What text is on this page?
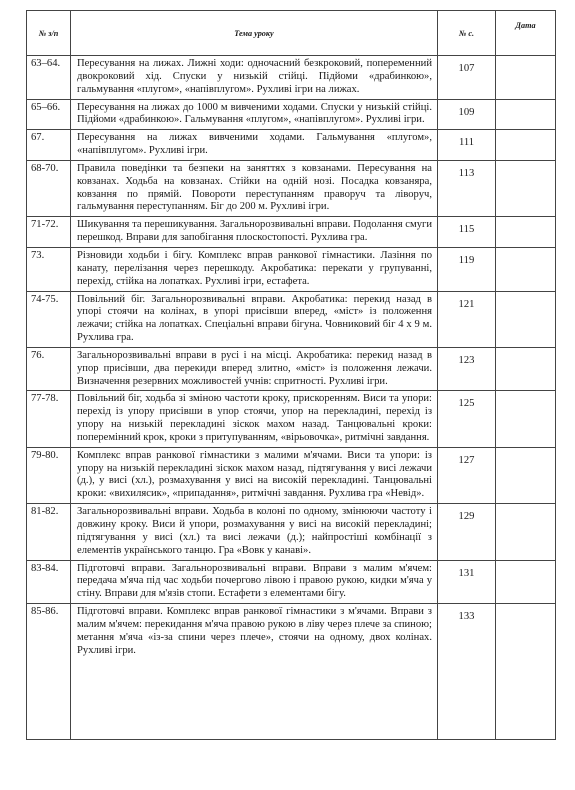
№ з/п	Тема уроку	№ с.	Дата
63–64.	Пересування на лижах. Лижні ходи: одночасний безкроковий, попеременний двокроковий хід. Спуски у низькій стійці. Підйоми «драбинкою», гальмування «плугом», «напівплугом». Рухливі ігри на лижах.	107	
65–66.	Пересування на лижах до 1000 м вивченими ходами. Спуски у низькій стійці. Підйоми «драбинкою». Гальмування «плугом», «напівплугом». Рухливі ігри.	109	
67.	Пересування на лижах вивченими ходами. Гальмування «плугом», «напівплугом». Рухливі ігри.	111	
68-70.	Правила поведінки та безпеки на заняттях з ковзанами. Пересування на ковзанах. Ходьба на ковзанах. Стійки на одній нозі. Посадка ковзаняра, ковзання по прямій. Повороти переступанням праворуч та ліворуч, гальмування переступанням. Біг до 200 м. Рухливі ігри.	113	
71-72.	Шикування та перешикування. Загальнорозвивальні вправи. Подолання смуги перешкод. Вправи для запобігання плоскостопості. Рухлива гра.	115	
73.	Різновиди ходьби і бігу. Комплекс вправ ранкової гімнастики. Лазіння по канату, перелізання через перешкоду. Акробатика: перекати у групуванні, перехід, стійка на лопатках. Рухливі ігри, естафета.	119	
74-75.	Повільний біг. Загальнорозвивальні вправи. Акробатика: перекид назад в упорі стоячи на колінах, в упорі присівши вперед, «міст» із положення лежачи; стійка на лопатках. Спеціальні вправи бігуна. Човниковий біг 4 х 9 м. Рухлива гра.	121	
76.	Загальнорозвивальні вправи в русі і на місці. Акробатика: перекид назад в упор присівши, два перекиди вперед злитно, «міст» із положення лежачи. Визначення резервних можливостей учнів: спритності. Рухливі ігри.	123	
77-78.	Повільний біг, ходьба зі зміною частоти кроку, прискоренням. Виси та упори: перехід із упору присівши в упор стоячи, упор на перекладині, перехід із упору на низькій перекладині зіскок махом назад. Танцювальні кроки: поперемінний крок, кроки з притупуванням, «вірьовочка», ритмічні завдання.	125	
79-80.	Комплекс вправ ранкової гімнастики з малими м'ячами. Виси та упори: із упору на низькій перекладині зіскок махом назад, підтягування у висі лежачи (д.), у висі (хл.), розмахування у висі на високій перекладині. Танцювальні кроки: «вихилясик», «припадання», ритмічні завдання. Рухлива гра «Невід».	127	
81-82.	Загальнорозвивальні вправи. Ходьба в колоні по одному, змінюючи частоту і довжину кроку. Виси й упори, розмахування у висі на високій перекладині; підтягування у висі (хл.) та висі лежачи (д.); найпростіші комбінації з елементів українського танцю. Гра «Вовк у канаві».	129	
83-84.	Підготовчі вправи. Загальнорозвивальні вправи. Вправи з малим м'ячем: передача м'яча під час ходьби почергово лівою і правою рукою, кидки м'яча у стіну. Вправи для м'язів стопи. Естафети з елементами бігу.	131	
85-86.	Підготовчі вправи. Комплекс вправ ранкової гімнастики з м'ячами. Вправи з малим м'ячем: перекидання м'яча правою рукою в ліву через плече за спиною; метання м'яча «із-за спини через плече», стоячи на одному, двох колінах. Рухливі ігри.	133	
